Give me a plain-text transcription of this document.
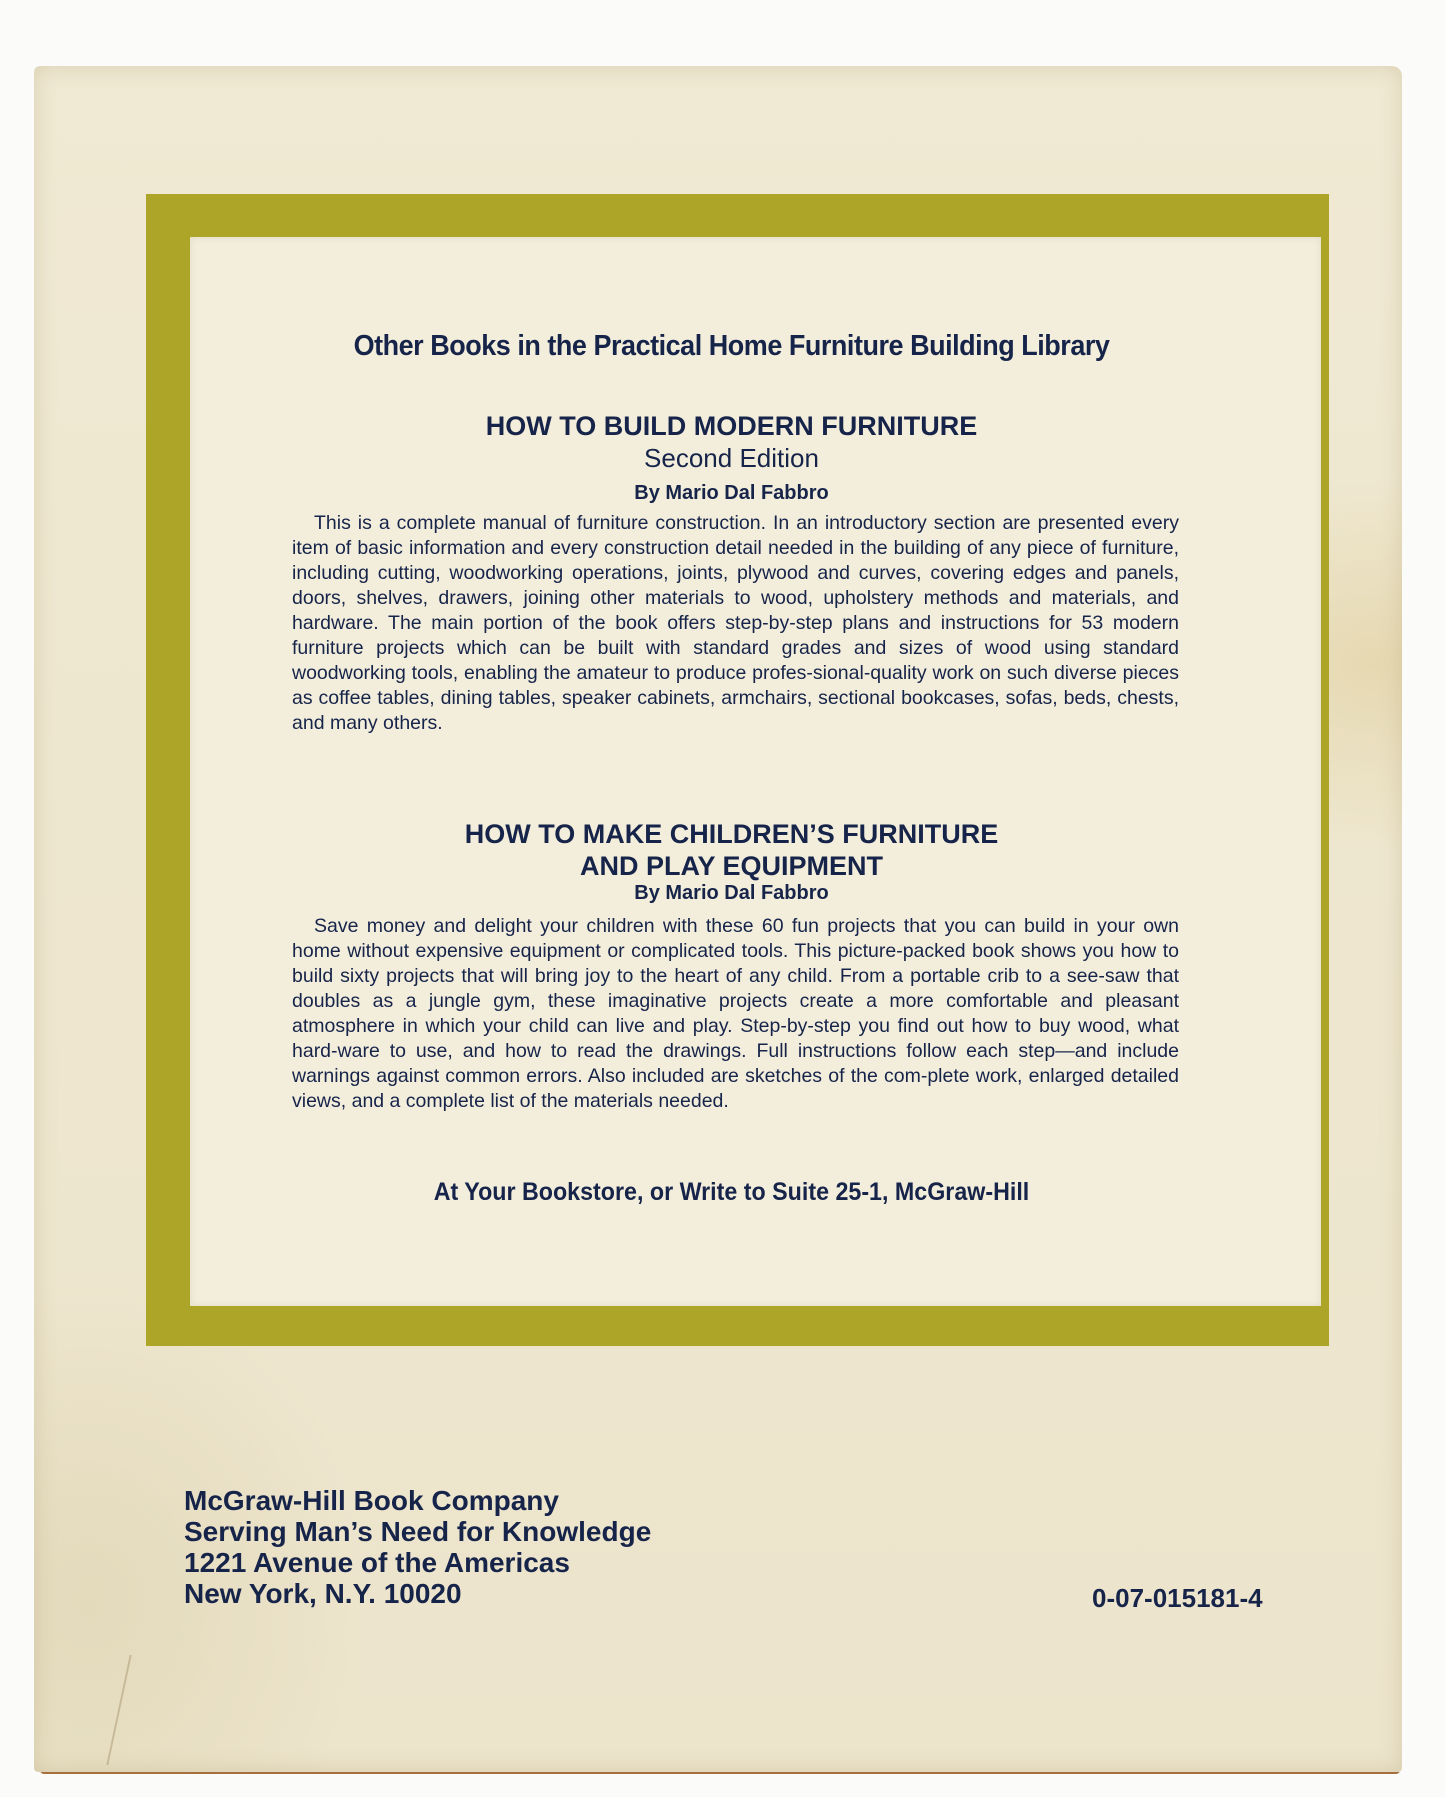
Other Books in the Practical Home Furniture Building Library
HOW TO BUILD MODERN FURNITURE
Second Edition
By Mario Dal Fabbro

This is a complete manual of furniture construction. In an introductory section are presented every item of basic information and every construction detail needed in the building of any piece of furniture, including cutting, woodworking operations, joints, plywood and curves, covering edges and panels, doors, shelves, drawers, joining other materials to wood, upholstery methods and materials, and hardware. The main portion of the book offers step-by-step plans and instructions for 53 modern furniture projects which can be built with standard grades and sizes of wood using standard woodworking tools, enabling the amateur to produce profes-sional-quality work on such diverse pieces as coffee tables, dining tables, speaker cabinets, armchairs, sectional bookcases, sofas, beds, chests, and many others.

HOW TO MAKE CHILDREN’S FURNITURE
AND PLAY EQUIPMENT
By Mario Dal Fabbro

Save money and delight your children with these 60 fun projects that you can build in your own home without expensive equipment or complicated tools. This picture-packed book shows you how to build sixty projects that will bring joy to the heart of any child. From a portable crib to a see-saw that doubles as a jungle gym, these imaginative projects create a more comfortable and pleasant atmosphere in which your child can live and play. Step-by-step you find out how to buy wood, what hard-ware to use, and how to read the drawings. Full instructions follow each step—and include warnings against common errors. Also included are sketches of the com-plete work, enlarged detailed views, and a complete list of the materials needed.

At Your Bookstore, or Write to Suite 25-1, McGraw-Hill
McGraw-Hill Book Company
Serving Man’s Need for Knowledge
1221 Avenue of the Americas
New York, N.Y. 10020	0-07-015181-4
